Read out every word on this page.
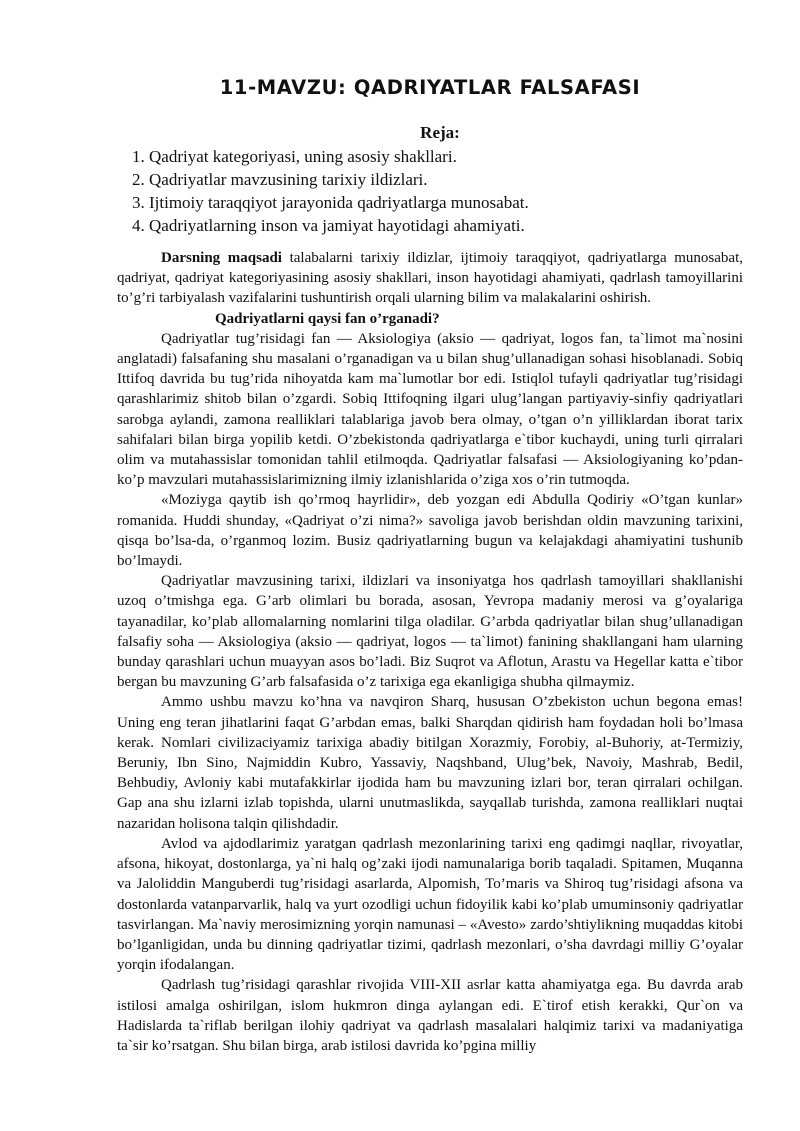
11-MAVZU: QADRIYATLAR FALSAFASI
Reja:
1. Qadriyat kategoriyasi, uning asosiy shakllari.
2. Qadriyatlar mavzusining tarixiy ildizlari.
3. Ijtimoiy taraqqiyot jarayonida qadriyatlarga munosabat.
4. Qadriyatlarning inson va jamiyat hayotidagi ahamiyati.

Darsning maqsadi talabalarni tarixiy ildizlar, ijtimoiy taraqqiyot, qadriyatlarga munosabat, qadriyat, qadriyat kategoriyasining asosiy shakllari, inson hayotidagi ahamiyati, qadrlash tamoyillarini to’g’ri tarbiyalash vazifalarini tushuntirish orqali ularning bilim va malakalarini oshirish.

Qadriyatlarni qaysi fan o’rganadi?

Qadriyatlar tug’risidagi fan — Aksiologiya (aksio — qadriyat, logos fan, ta`limot ma`nosini anglatadi) falsafaning shu masalani o’rganadigan va u bilan shug’ullanadigan sohasi hisoblanadi. Sobiq Ittifoq davrida bu tug’rida nihoyatda kam ma`lumotlar bor edi. Istiqlol tufayli qadriyatlar tug’risidagi qarashlarimiz shitob bilan o’zgardi. Sobiq Ittifoqning ilgari ulug’langan partiyaviy-sinfiy qadriyatlari sarobga aylandi, zamona realliklari talablariga javob bera olmay, o’tgan o’n yilliklardan iborat tarix sahifalari bilan birga yopilib ketdi. O’zbekistonda qadriyatlarga e`tibor kuchaydi, uning turli qirralari olim va mutahassislar tomonidan tahlil etilmoqda. Qadriyatlar falsafasi — Aksiologiyaning ko’pdan-ko’p mavzulari mutahassislarimizning ilmiy izlanishlarida o’ziga xos o’rin tutmoqda.

«Moziyga qaytib ish qo’rmoq hayrlidir», deb yozgan edi Abdulla Qodiriy «O’tgan kunlar» romanida. Huddi shunday, «Qadriyat o’zi nima?» savoliga javob berishdan oldin mavzuning tarixini, qisqa bo’lsa-da, o’rganmoq lozim. Busiz qadriyatlarning bugun va kelajakdagi ahamiyatini tushunib bo’lmaydi.

Qadriyatlar mavzusining tarixi, ildizlari va insoniyatga hos qadrlash tamoyillari shakllanishi uzoq o’tmishga ega. G’arb olimlari bu borada, asosan, Yevropa madaniy merosi va g’oyalariga tayanadilar, ko’plab allomalarning nomlarini tilga oladilar. G’arbda qadriyatlar bilan shug’ullanadigan falsafiy soha — Aksiologiya (aksio — qadriyat, logos — ta`limot) fanining shakllangani ham ularning bunday qarashlari uchun muayyan asos bo’ladi. Biz Suqrot va Aflotun, Arastu va Hegellar katta e`tibor bergan bu mavzuning G’arb falsafasida o’z tarixiga ega ekanligiga shubha qilmaymiz.

Ammo ushbu mavzu ko’hna va navqiron Sharq, hususan O’zbekiston uchun begona emas! Uning eng teran jihatlarini faqat G’arbdan emas, balki Sharqdan qidirish ham foydadan holi bo’lmasa kerak. Nomlari civilizaciyamiz tarixiga abadiy bitilgan Xorazmiy, Forobiy, al-Buhoriy, at-Termiziy, Beruniy, Ibn Sino, Najmiddin Kubro, Yassaviy, Naqshband, Ulug’bek, Navoiy, Mashrab, Bedil, Behbudiy, Avloniy kabi mutafakkirlar ijodida ham bu mavzuning izlari bor, teran qirralari ochilgan. Gap ana shu izlarni izlab topishda, ularni unutmaslikda, sayqallab turishda, zamona realliklari nuqtai nazaridan holisona talqin qilishdadir.

Avlod va ajdodlarimiz yaratgan qadrlash mezonlarining tarixi eng qadimgi naqllar, rivoyatlar, afsona, hikoyat, dostonlarga, ya`ni halq og’zaki ijodi namunalariga borib taqaladi. Spitamen, Muqanna va Jaloliddin Manguberdi tug’risidagi asarlarda, Alpomish, To’maris va Shiroq tug’risidagi afsona va dostonlarda vatanparvarlik, halq va yurt ozodligi uchun fidoyilik kabi ko’plab umuminsoniy qadriyatlar tasvirlangan. Ma`naviy merosimizning yorqin namunasi – «Avesto» zardo’shtiylikning muqaddas kitobi bo’lganligidan, unda bu dinning qadriyatlar tizimi, qadrlash mezonlari, o’sha davrdagi milliy G’oyalar yorqin ifodalangan.

Qadrlash tug’risidagi qarashlar rivojida VIII-XII asrlar katta ahamiyatga ega. Bu davrda arab istilosi amalga oshirilgan, islom hukmron dinga aylangan edi. E`tirof etish kerakki, Qur`on va Hadislarda ta`riflab berilgan ilohiy qadriyat va qadrlash masalalari halqimiz tarixi va madaniyatiga ta`sir ko’rsatgan. Shu bilan birga, arab istilosi davrida ko’pgina milliy
